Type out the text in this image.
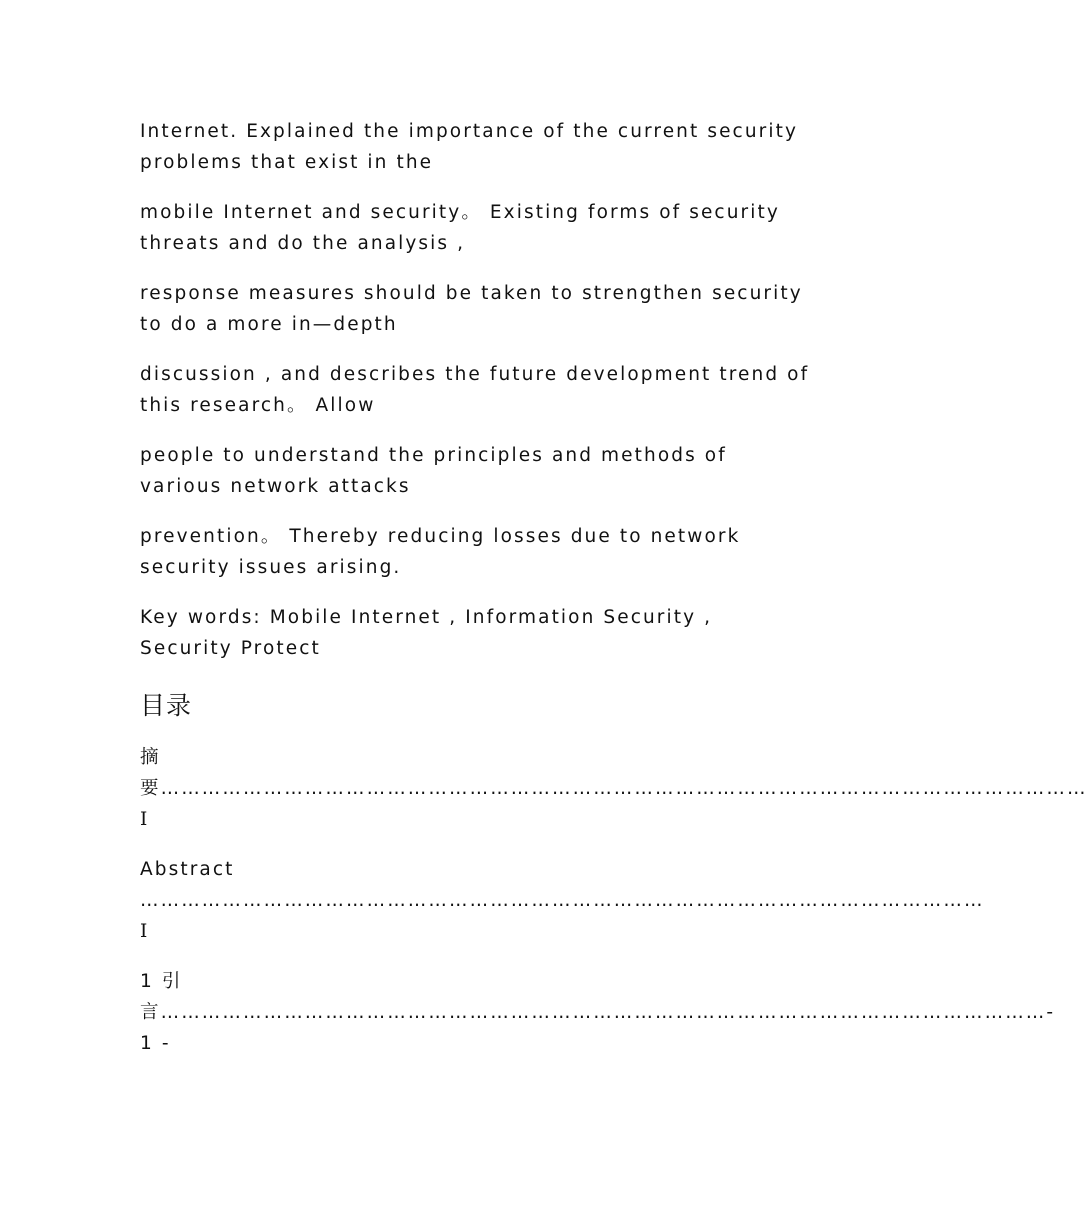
Internet. Explained the importance of the current security problems that exist in the

mobile Internet and security。 Existing forms of security threats and do the analysis ,

response measures should be taken to strengthen security to do a more in—depth

discussion , and describes the future development trend of this research。 Allow

people to understand the principles and methods of various network attacks

prevention。 Thereby reducing losses due to network security issues arising.

Key words: Mobile Internet , Information Security , Security Protect

目录

摘要……………………………………………………………………………………………………………………… I

Abstract …………………………………………………………………………………………………………… I

1 引言…………………………………………………………………………………………………………………- 1 -
